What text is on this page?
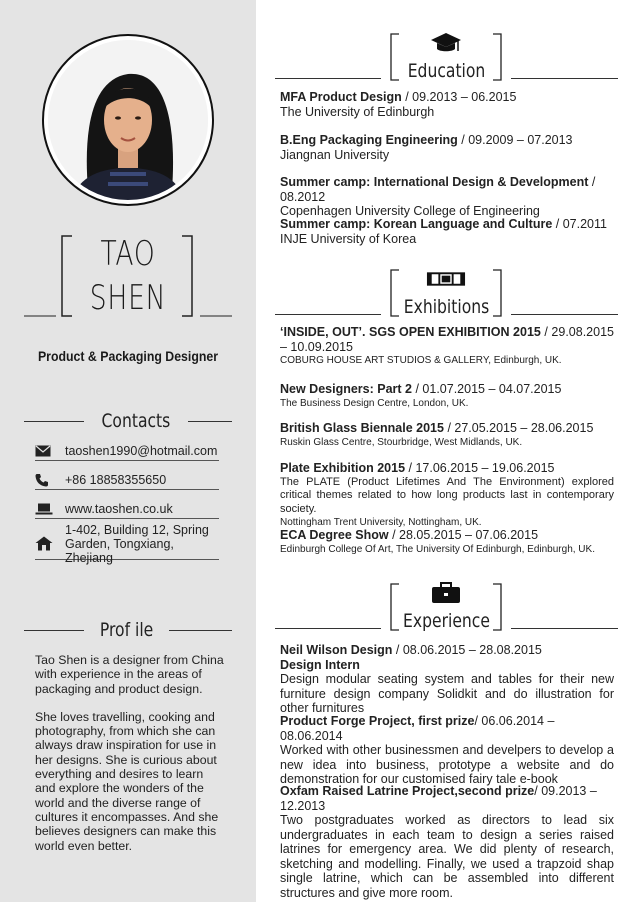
TAO
SHEN
Product & Packaging Designer
Contacts
taoshen1990@hotmail.com
+86 18858355650
www.taoshen.co.uk
1-402, Building 12, Spring Garden, Tongxiang, Zhejiang
Prof ile

Tao Shen is a designer from China with experience in the areas of packaging and product design.

She loves travelling, cooking and photography, from which she can always draw inspiration for use in her designs. She is curious about everything and desires to learn and explore the wonders of the world and the diverse range of cultures it encompasses. And she believes designers can make this world even better.

Education
MFA Product Design / 09.2013 – 06.2015
The University of Edinburgh
B.Eng Packaging Engineering / 09.2009 – 07.2013
Jiangnan University
Summer camp: International Design & Development / 08.2012
Copenhagen University College of Engineering
Summer camp: Korean Language and Culture / 07.2011
INJE University of Korea
Exhibitions
‘INSIDE, OUT’. SGS OPEN EXHIBITION 2015 / 29.08.2015 – 10.09.2015
COBURG HOUSE ART STUDIOS & GALLERY, Edinburgh, UK.
New Designers: Part 2 / 01.07.2015 – 04.07.2015
The Business Design Centre, London, UK.
British Glass Biennale 2015 / 27.05.2015 – 28.06.2015
Ruskin Glass Centre, Stourbridge, West Midlands, UK.
Plate Exhibition 2015 / 17.06.2015 – 19.06.2015
The PLATE (Product Lifetimes And The Environment) explored critical themes related to how long products last in contemporary society.
Nottingham Trent University, Nottingham, UK.
ECA Degree Show / 28.05.2015 – 07.06.2015
Edinburgh College Of Art, The University Of Edinburgh, Edinburgh, UK.
Experience
Neil Wilson Design / 08.06.2015 – 28.08.2015
Design Intern
Design modular seating system and tables for their new furniture design company Solidkit and do illustration for other furnitures
Product Forge Project, first prize/ 06.06.2014 – 08.06.2014
Worked with other businessmen and develpers to develop a new idea into business, prototype a website and do demonstration for our customised fairy tale e-book
Oxfam Raised Latrine Project,second prize/ 09.2013 –12.2013
Two postgraduates worked as directors to lead six undergraduates in each team to design a series raised latrines for emergency area. We did plenty of research, sketching and modelling. Finally, we used a trapzoid shap single latrine, which can be assembled into different structures and give more room.
